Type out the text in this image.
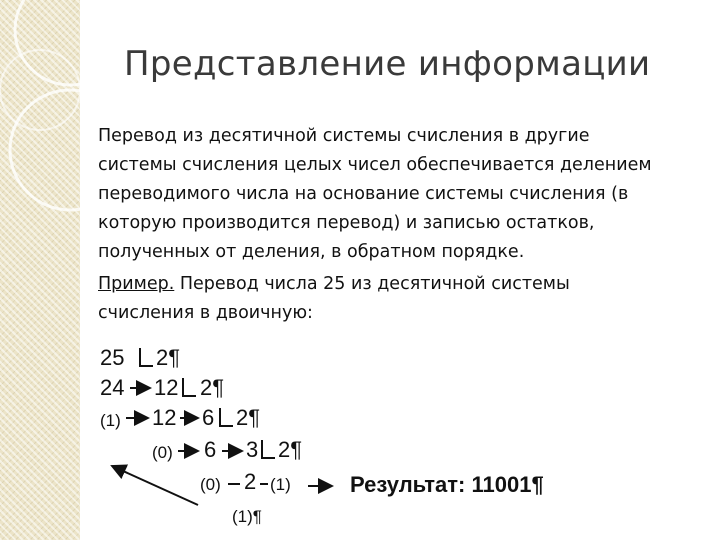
Представление информации
Перевод из десятичной системы счисления в другие
системы счисления целых чисел обеспечивается делением
переводимого числа на основание системы счисления (в
которую производится перевод) и записью остатков,
полученных от деления, в обратном порядке.
Пример. Перевод числа 25 из десятичной системы
счисления в двоичную:
25 2¶
24 12 2¶
(1) 12 6 2¶
(0) 6 3 2¶
(0) 2 (1)	Результат: 11001¶
(1)¶
